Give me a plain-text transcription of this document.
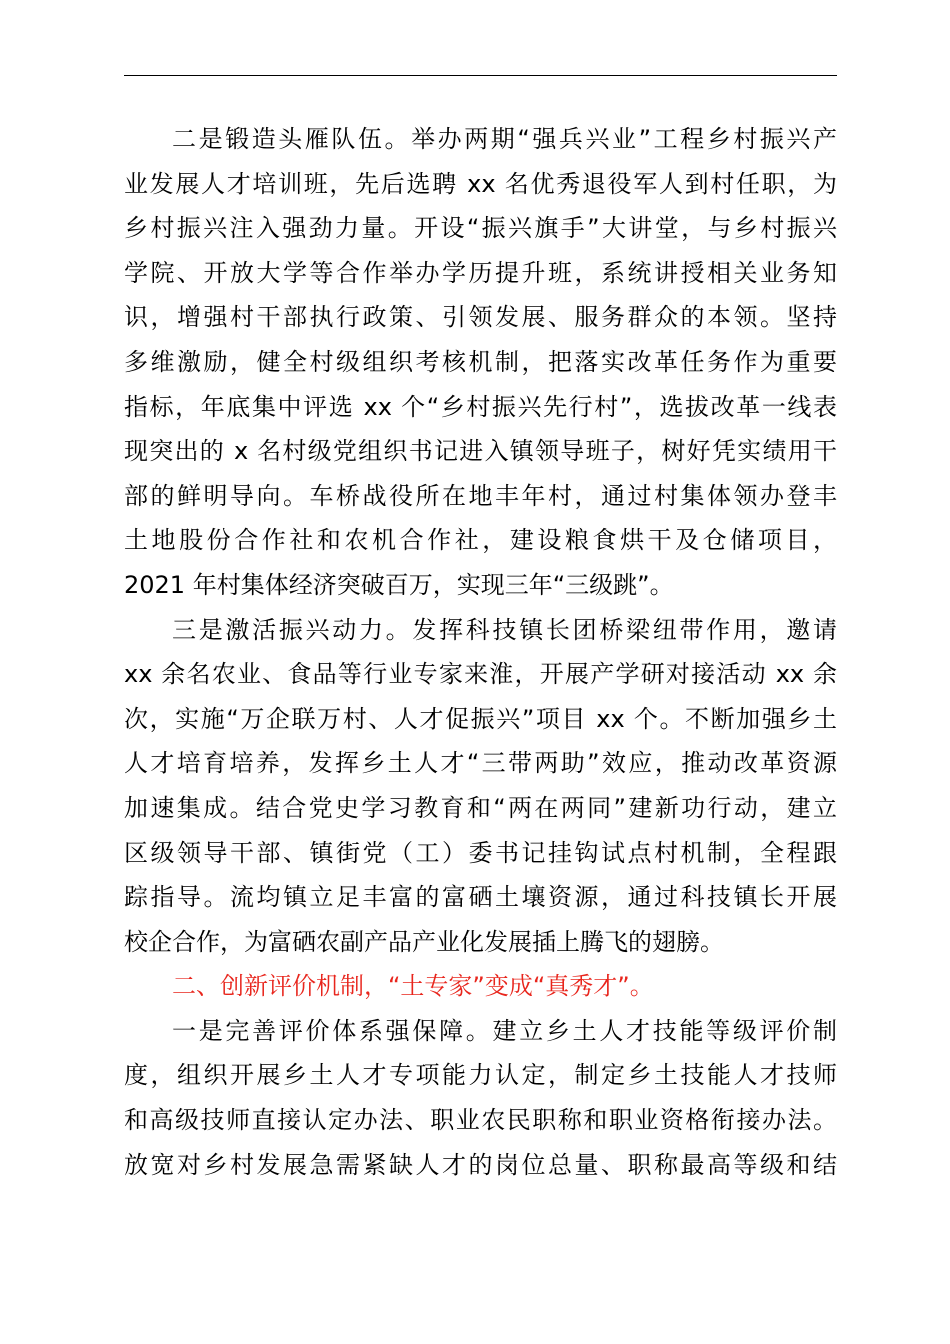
二是锻造头雁队伍。举办两期“强兵兴业”工程乡村振兴产
业发展人才培训班，先后选聘 xx 名优秀退役军人到村任职，为
乡村振兴注入强劲力量。开设“振兴旗手”大讲堂，与乡村振兴
学院、开放大学等合作举办学历提升班，系统讲授相关业务知
识，增强村干部执行政策、引领发展、服务群众的本领。坚持
多维激励，健全村级组织考核机制，把落实改革任务作为重要
指标，年底集中评选 xx 个“乡村振兴先行村”，选拔改革一线表
现突出的 x 名村级党组织书记进入镇领导班子，树好凭实绩用干
部的鲜明导向。车桥战役所在地丰年村，通过村集体领办登丰
土地股份合作社和农机合作社，建设粮食烘干及仓储项目，
2021 年村集体经济突破百万，实现三年“三级跳”。
三是激活振兴动力。发挥科技镇长团桥梁纽带作用，邀请
xx 余名农业、食品等行业专家来淮，开展产学研对接活动 xx 余
次，实施“万企联万村、人才促振兴”项目 xx 个。不断加强乡土
人才培育培养，发挥乡土人才“三带两助”效应，推动改革资源
加速集成。结合党史学习教育和“两在两同”建新功行动，建立
区级领导干部、镇街党（工）委书记挂钩试点村机制，全程跟
踪指导。流均镇立足丰富的富硒土壤资源，通过科技镇长开展
校企合作，为富硒农副产品产业化发展插上腾飞的翅膀。
二、创新评价机制，“土专家”变成“真秀才”。
一是完善评价体系强保障。建立乡土人才技能等级评价制
度，组织开展乡土人才专项能力认定，制定乡土技能人才技师
和高级技师直接认定办法、职业农民职称和职业资格衔接办法。
放宽对乡村发展急需紧缺人才的岗位总量、职称最高等级和结
